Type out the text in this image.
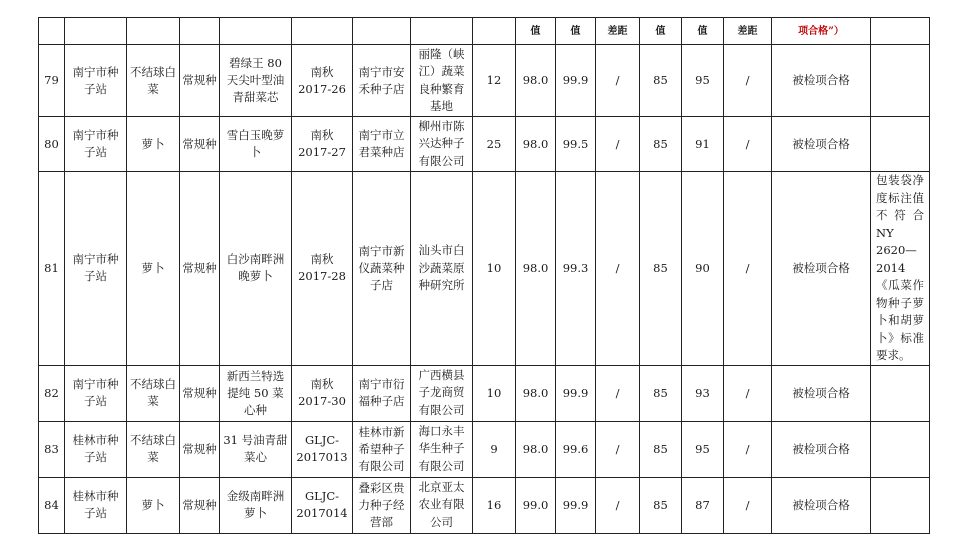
									值	值	差距	值	值	差距	项合格”）	
79	南宁市种子站	不结球白菜	常规种	碧绿王 80 天尖叶型油青甜菜芯	南秋 2017-26	南宁市安禾种子店	丽隆（峡江）蔬菜良种繁育基地	12	98.0	99.9	/	85	95	/	被检项合格	
80	南宁市种子站	萝卜	常规种	雪白玉晚萝卜	南秋 2017-27	南宁市立君菜种店	柳州市陈兴达种子有限公司	25	98.0	99.5	/	85	91	/	被检项合格	
81	南宁市种子站	萝卜	常规种	白沙南畔洲晚萝卜	南秋 2017-28	南宁市新仪蔬菜种子店	汕头市白沙蔬菜原种研究所	10	98.0	99.3	/	85	90	/	被检项合格	包装袋净度标注值不符合NY 2620—2014《瓜菜作物种子萝卜和胡萝卜》标准要求。
82	南宁市种子站	不结球白菜	常规种	新西兰特选提纯 50 菜心种	南秋 2017-30	南宁市衍福种子店	广西横县子龙商贸有限公司	10	98.0	99.9	/	85	93	/	被检项合格	
83	桂林市种子站	不结球白菜	常规种	31 号油青甜菜心	GLJC-2017013	桂林市新希望种子有限公司	海口永丰华生种子有限公司	9	98.0	99.6	/	85	95	/	被检项合格	
84	桂林市种子站	萝卜	常规种	金级南畔洲萝卜	GLJC-2017014	叠彩区贵力种子经营部	北京亚太农业有限公司	16	99.0	99.9	/	85	87	/	被检项合格	
